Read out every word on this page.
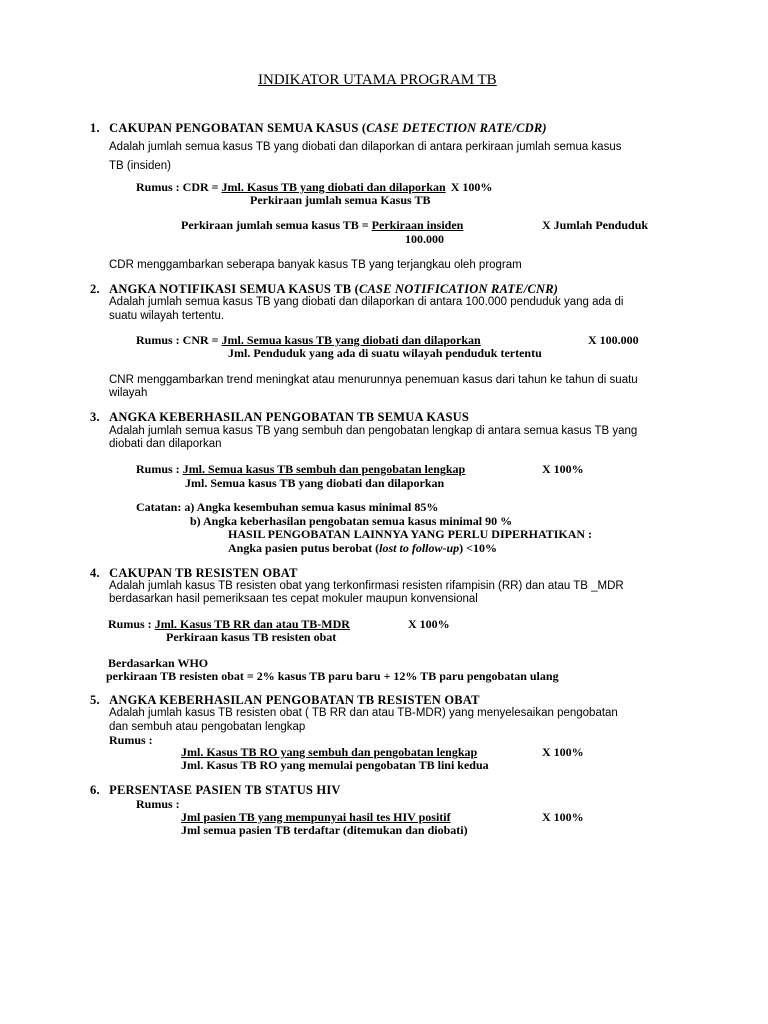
INDIKATOR UTAMA PROGRAM TB
1. CAKUPAN PENGOBATAN SEMUA KASUS (CASE DETECTION RATE/CDR)
Adalah jumlah semua kasus TB yang diobati dan dilaporkan di antara perkiraan jumlah semua kasus
TB (insiden)
Rumus : CDR = Jml. Kasus TB yang diobati dan dilaporkan X 100%
Perkiraan jumlah semua Kasus TB
Perkiraan jumlah semua kasus TB = Perkiraan insiden	X Jumlah Penduduk
100.000
CDR menggambarkan seberapa banyak kasus TB yang terjangkau oleh program
2. ANGKA NOTIFIKASI SEMUA KASUS TB (CASE NOTIFICATION RATE/CNR)
Adalah jumlah semua kasus TB yang diobati dan dilaporkan di antara 100.000 penduduk yang ada di
suatu wilayah tertentu.
Rumus : CNR = Jml. Semua kasus TB yang diobati dan dilaporkan	X 100.000
Jml. Penduduk yang ada di suatu wilayah penduduk tertentu
CNR menggambarkan trend meningkat atau menurunnya penemuan kasus dari tahun ke tahun di suatu
wilayah
3. ANGKA KEBERHASILAN PENGOBATAN TB SEMUA KASUS
Adalah jumlah semua kasus TB yang sembuh dan pengobatan lengkap di antara semua kasus TB yang
diobati dan dilaporkan
Rumus : Jml. Semua kasus TB sembuh dan pengobatan lengkap	X 100%
Jml. Semua kasus TB yang diobati dan dilaporkan
Catatan: a) Angka kesembuhan semua kasus minimal 85%
b) Angka keberhasilan pengobatan semua kasus minimal 90 %
HASIL PENGOBATAN LAINNYA YANG PERLU DIPERHATIKAN :
Angka pasien putus berobat (lost to follow-up) <10%
4. CAKUPAN TB RESISTEN OBAT
Adalah jumlah kasus TB resisten obat yang terkonfirmasi resisten rifampisin (RR) dan atau TB _MDR
berdasarkan hasil pemeriksaan tes cepat mokuler maupun konvensional
Rumus : Jml. Kasus TB RR dan atau TB-MDR	X 100%
Perkiraan kasus TB resisten obat
Berdasarkan WHO
perkiraan TB resisten obat = 2% kasus TB paru baru + 12% TB paru pengobatan ulang
5. ANGKA KEBERHASILAN PENGOBATAN TB RESISTEN OBAT
Adalah jumlah kasus TB resisten obat ( TB RR dan atau TB-MDR) yang menyelesaikan pengobatan
dan sembuh atau pengobatan lengkap
Rumus :
Jml. Kasus TB RO yang sembuh dan pengobatan lengkap	X 100%
Jml. Kasus TB RO yang memulai pengobatan TB lini kedua
6. PERSENTASE PASIEN TB STATUS HIV
Rumus :
Jml pasien TB yang mempunyai hasil tes HIV positif	X 100%
Jml semua pasien TB terdaftar (ditemukan dan diobati)
